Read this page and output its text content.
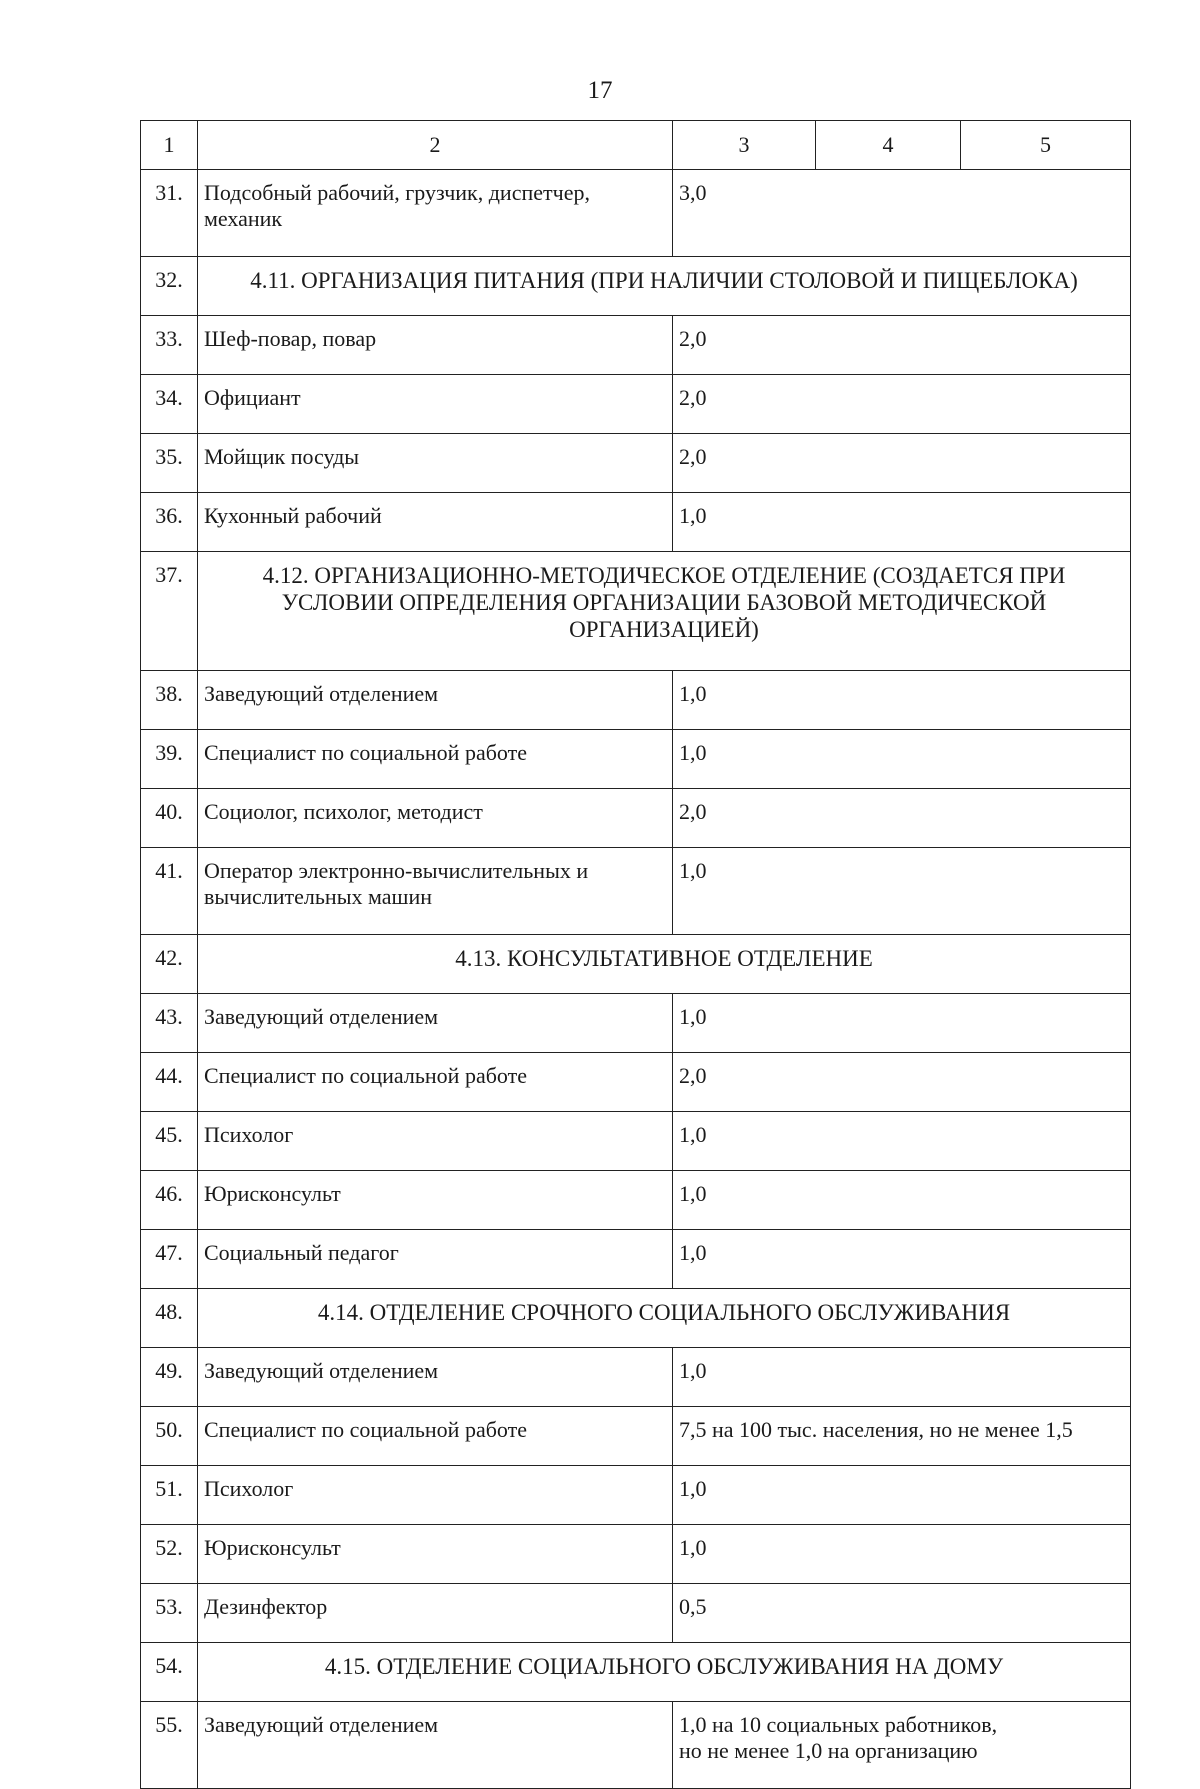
17
1	2	3	4	5
31.	Подсобный рабочий, грузчик, диспетчер, механик	3,0		
32.	4.11. ОРГАНИЗАЦИЯ ПИТАНИЯ (ПРИ НАЛИЧИИ СТОЛОВОЙ И ПИЩЕБЛОКА)			
33.	Шеф-повар, повар	2,0		
34.	Официант	2,0		
35.	Мойщик посуды	2,0		
36.	Кухонный рабочий	1,0		
37.	4.12. ОРГАНИЗАЦИОННО-МЕТОДИЧЕСКОЕ ОТДЕЛЕНИЕ (СОЗДАЕТСЯ ПРИ УСЛОВИИ ОПРЕДЕЛЕНИЯ ОРГАНИЗАЦИИ БАЗОВОЙ МЕТОДИЧЕСКОЙ ОРГАНИЗАЦИЕЙ)			
38.	Заведующий отделением	1,0		
39.	Специалист по социальной работе	1,0		
40.	Социолог, психолог, методист	2,0		
41.	Оператор электронно-вычислительных и вычислительных машин	1,0		
42.	4.13. КОНСУЛЬТАТИВНОЕ ОТДЕЛЕНИЕ			
43.	Заведующий отделением	1,0		
44.	Специалист по социальной работе	2,0		
45.	Психолог	1,0		
46.	Юрисконсульт	1,0		
47.	Социальный педагог	1,0		
48.	4.14. ОТДЕЛЕНИЕ СРОЧНОГО СОЦИАЛЬНОГО ОБСЛУЖИВАНИЯ			
49.	Заведующий отделением	1,0		
50.	Специалист по социальной работе	7,5 на 100 тыс. населения, но не менее 1,5		
51.	Психолог	1,0		
52.	Юрисконсульт	1,0		
53.	Дезинфектор	0,5		
54.	4.15. ОТДЕЛЕНИЕ СОЦИАЛЬНОГО ОБСЛУЖИВАНИЯ НА ДОМУ			
55.	Заведующий отделением	1,0 на 10 социальных работников,
но не менее 1,0 на организацию		
